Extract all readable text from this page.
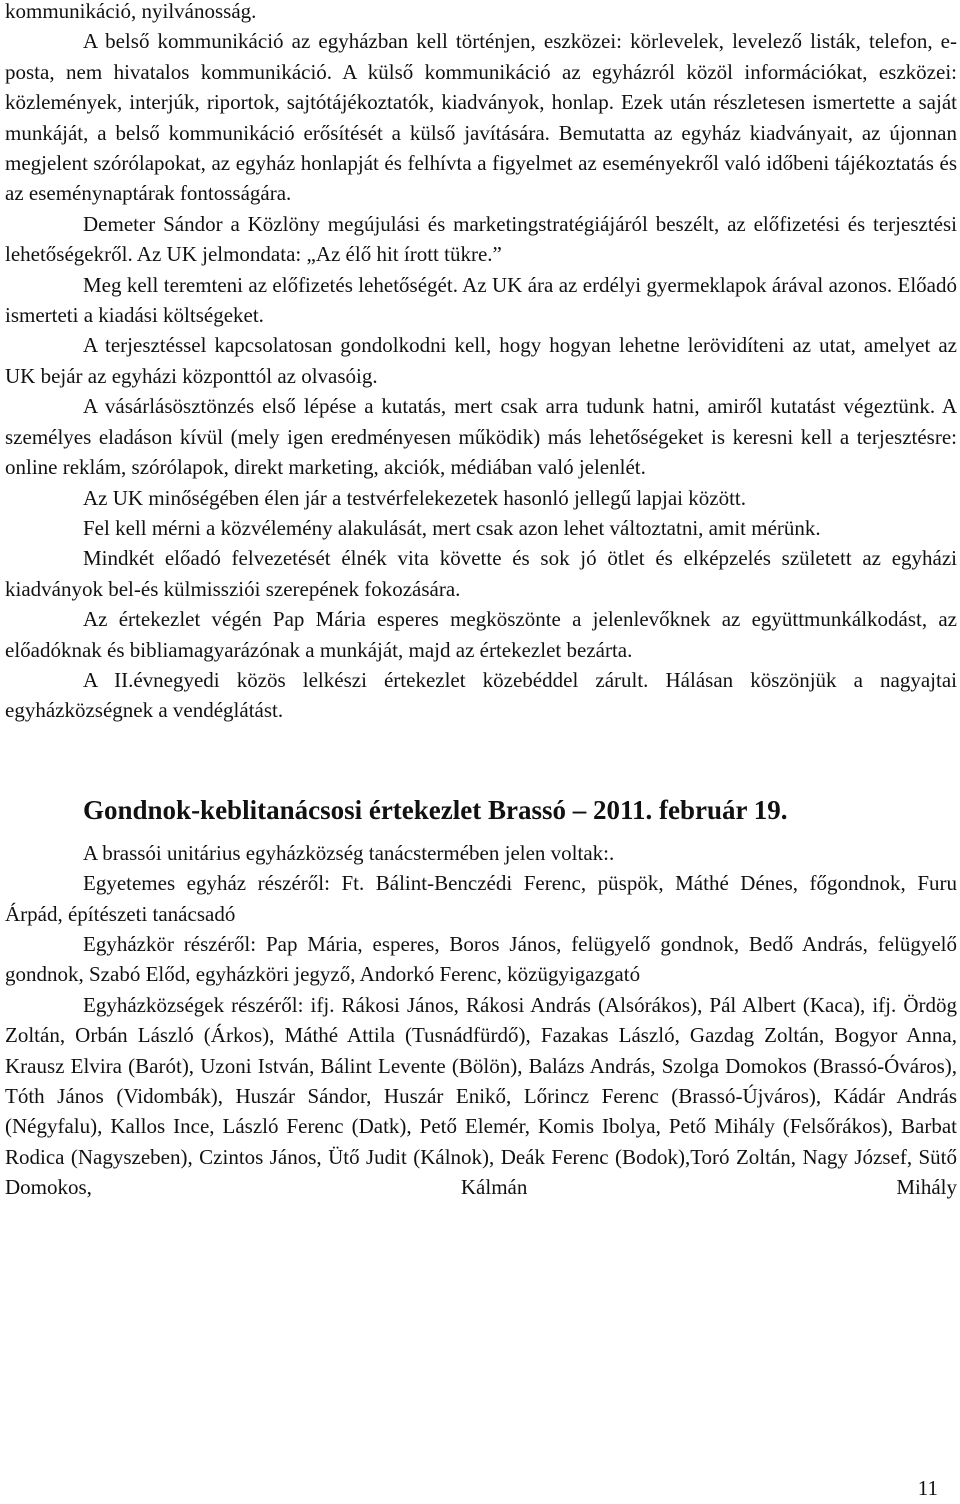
kommunikáció, nyilvánosság.

A belső kommunikáció az egyházban kell történjen, eszközei: körlevelek, levelező listák, telefon, e-posta, nem hivatalos kommunikáció. A külső kommunikáció az egyházról közöl információkat, eszközei: közlemények, interjúk, riportok, sajtótájékoztatók, kiadványok, honlap. Ezek után részletesen ismertette a saját munkáját, a belső kommunikáció erősítését a külső javítására. Bemutatta az egyház kiadványait, az újonnan megjelent szórólapokat, az egyház honlapját és felhívta a figyelmet az eseményekről való időbeni tájékoztatás és az eseménynaptárak fontosságára.

Demeter Sándor a Közlöny megújulási és marketingstratégiájáról beszélt, az előfizetési és terjesztési lehetőségekről. Az UK jelmondata: „Az élő hit írott tükre.”

Meg kell teremteni az előfizetés lehetőségét. Az UK ára az erdélyi gyermeklapok árával azonos. Előadó ismerteti a kiadási költségeket.

A terjesztéssel kapcsolatosan gondolkodni kell, hogy hogyan lehetne lerövidíteni az utat, amelyet az UK bejár az egyházi központtól az olvasóig.

A vásárlásösztönzés első lépése a kutatás, mert csak arra tudunk hatni, amiről kutatást végeztünk. A személyes eladáson kívül (mely igen eredményesen működik) más lehetőségeket is keresni kell a terjesztésre: online reklám, szórólapok, direkt marketing, akciók, médiában való jelenlét.

Az UK minőségében élen jár a testvérfelekezetek hasonló jellegű lapjai között.

Fel kell mérni a közvélemény alakulását, mert csak azon lehet változtatni, amit mérünk.

Mindkét előadó felvezetését élnék vita követte és sok jó ötlet és elképzelés született az egyházi kiadványok bel-és külmissziói szerepének fokozására.

Az értekezlet végén Pap Mária esperes megköszönte a jelenlevőknek az együttmunkálkodást, az előadóknak és bibliamagyarázónak a munkáját, majd az értekezlet bezárta.

A II.évnegyedi közös lelkészi értekezlet közebéddel zárult. Hálásan köszönjük a nagyajtai egyházközségnek a vendéglátást.

Gondnok-keblitanácsosi értekezlet Brassó – 2011. február 19.

A brassói unitárius egyházközség tanácstermében jelen voltak:.

Egyetemes egyház részéről: Ft. Bálint-Benczédi Ferenc, püspök, Máthé Dénes, főgondnok, Furu Árpád, építészeti tanácsadó

Egyházkör részéről: Pap Mária, esperes, Boros János, felügyelő gondnok, Bedő András, felügyelő gondnok, Szabó Előd, egyházköri jegyző, Andorkó Ferenc, közügyigazgató

Egyházközségek részéről: ifj. Rákosi János, Rákosi András (Alsórákos), Pál Albert (Kaca), ifj. Ördög Zoltán, Orbán László (Árkos), Máthé Attila (Tusnádfürdő), Fazakas László, Gazdag Zoltán, Bogyor Anna, Krausz Elvira (Barót), Uzoni István, Bálint Levente (Bölön), Balázs András, Szolga Domokos (Brassó-Óváros), Tóth János (Vidombák), Huszár Sándor, Huszár Enikő, Lőrincz Ferenc (Brassó-Újváros), Kádár András (Négyfalu), Kallos Ince, László Ferenc (Datk), Pető Elemér, Komis Ibolya, Pető Mihály (Felsőrákos), Barbat Rodica (Nagyszeben), Czintos János, Ütő Judit (Kálnok), Deák Ferenc (Bodok),Toró Zoltán, Nagy József, Sütő Domokos, Kálmán Mihály

11
